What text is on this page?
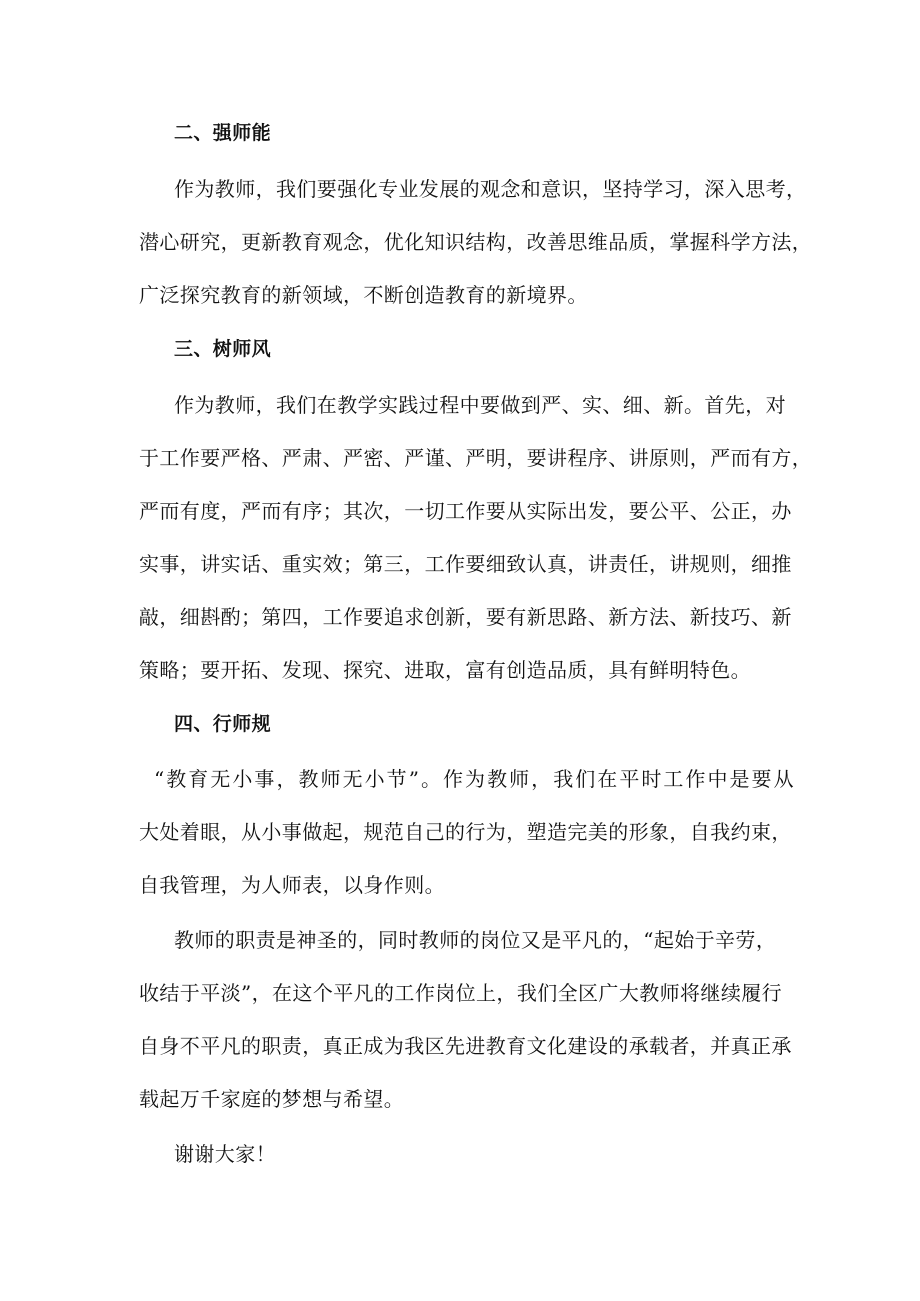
二、强师能
作为教师，我们要强化专业发展的观念和意识，坚持学习，深入思考，
潜心研究，更新教育观念，优化知识结构，改善思维品质，掌握科学方法，
广泛探究教育的新领域，不断创造教育的新境界。
三、树师风
作为教师，我们在教学实践过程中要做到严、实、细、新。首先，对
于工作要严格、严肃、严密、严谨、严明，要讲程序、讲原则，严而有方，
严而有度，严而有序；其次，一切工作要从实际出发，要公平、公正，办
实事，讲实话、重实效；第三，工作要细致认真，讲责任，讲规则，细推
敲，细斟酌；第四，工作要追求创新，要有新思路、新方法、新技巧、新
策略；要开拓、发现、探究、进取，富有创造品质，具有鲜明特色。
四、行师规
“教育无小事，教师无小节”。作为教师，我们在平时工作中是要从
大处着眼，从小事做起，规范自己的行为，塑造完美的形象，自我约束，
自我管理，为人师表，以身作则。
教师的职责是神圣的，同时教师的岗位又是平凡的，“起始于辛劳，
收结于平淡”，在这个平凡的工作岗位上，我们全区广大教师将继续履行
自身不平凡的职责，真正成为我区先进教育文化建设的承载者，并真正承
载起万千家庭的梦想与希望。
谢谢大家！
